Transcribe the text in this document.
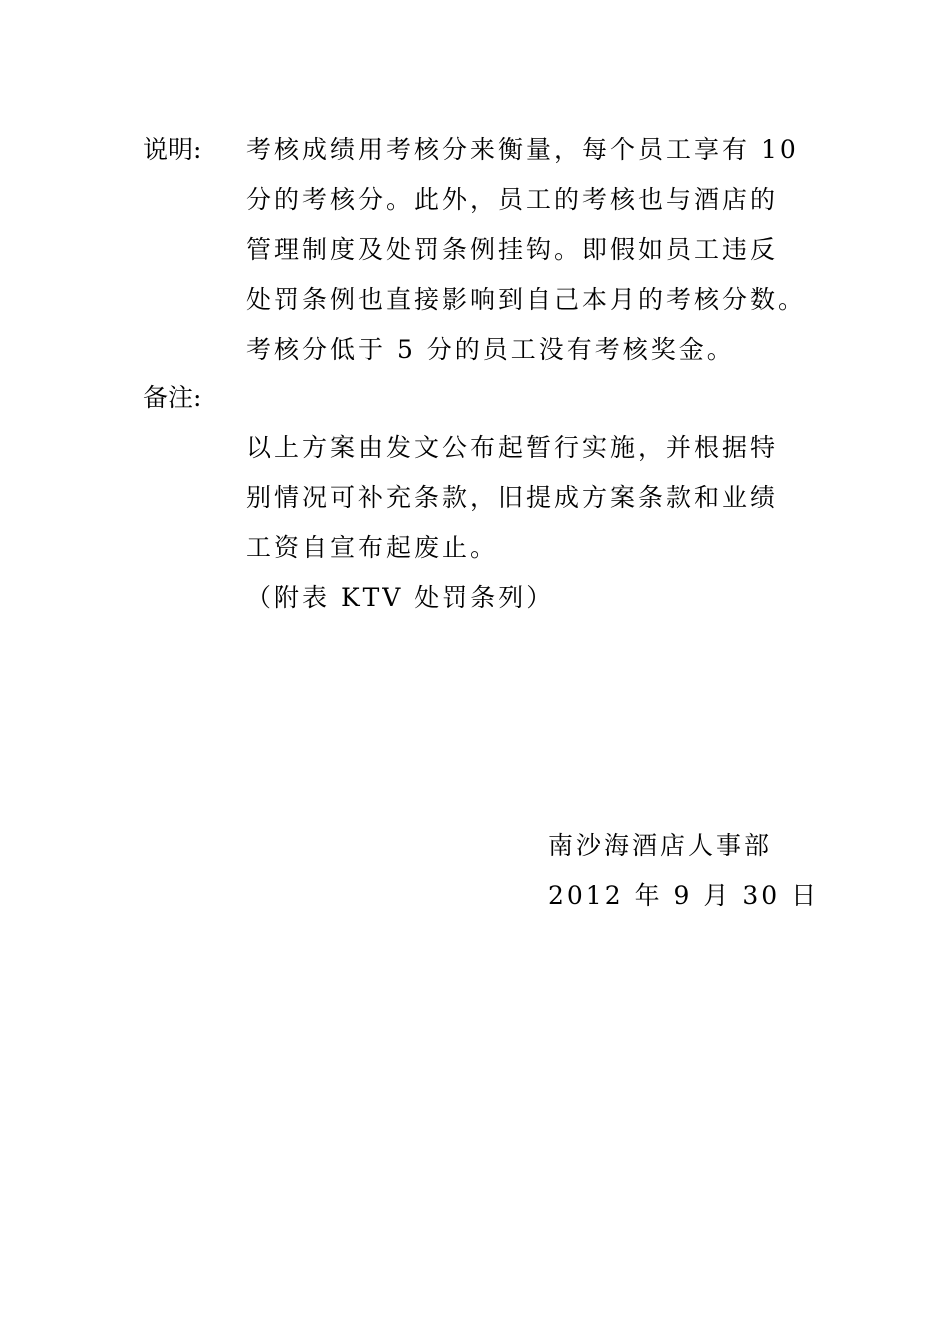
说明: 考核成绩用考核分来衡量，每个员工享有 10
分的考核分。此外，员工的考核也与酒店的
管理制度及处罚条例挂钩。即假如员工违反
处罚条例也直接影响到自己本月的考核分数。
考核分低于 5 分的员工没有考核奖金。
备注:
以上方案由发文公布起暂行实施，并根据特
别情况可补充条款，旧提成方案条款和业绩
工资自宣布起废止。
（附表 KTV 处罚条列）
南沙海酒店人事部
2012 年 9 月 30 日
